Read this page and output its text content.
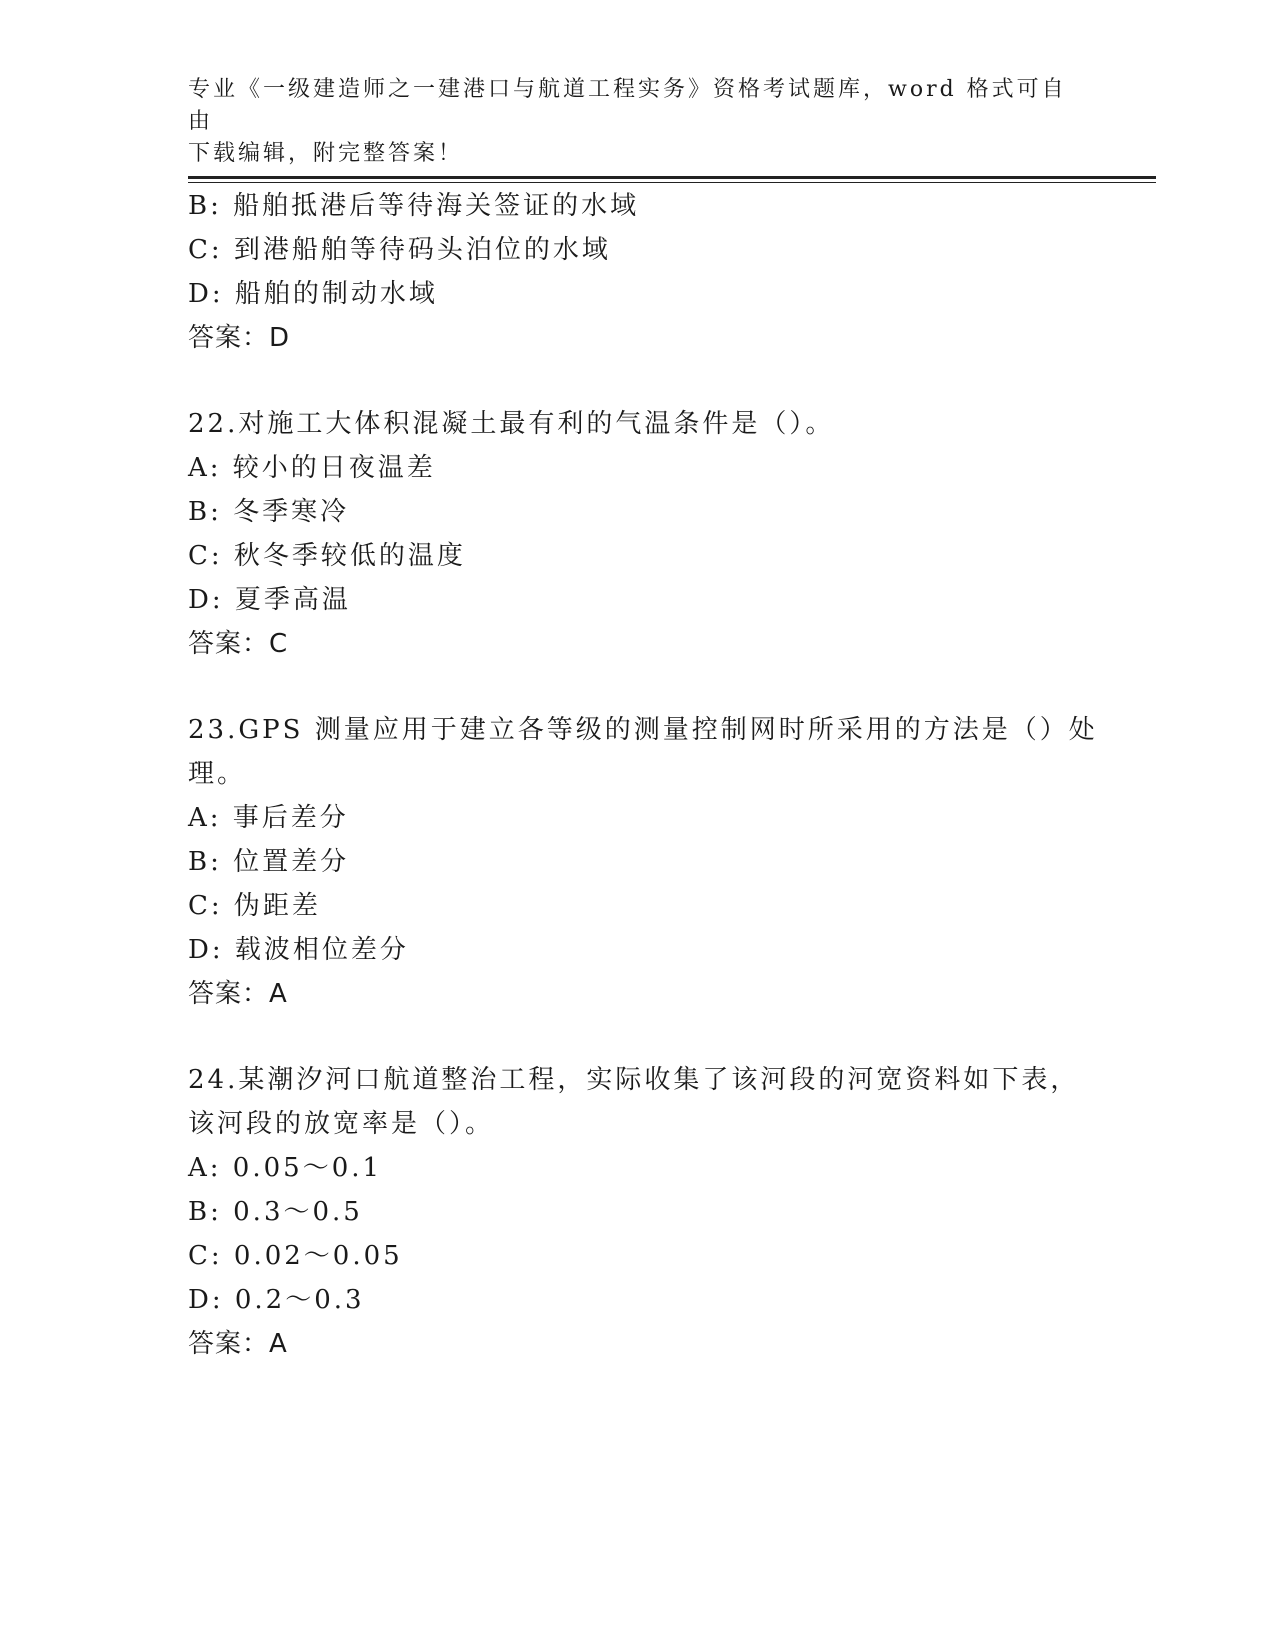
专业《一级建造师之一建港口与航道工程实务》资格考试题库，word 格式可自由
下载编辑，附完整答案！

B: 船舶抵港后等待海关签证的水域

C: 到港船舶等待码头泊位的水域

D: 船舶的制动水域

答案：D

22.对施工大体积混凝土最有利的气温条件是（）。

A: 较小的日夜温差

B: 冬季寒冷

C: 秋冬季较低的温度

D: 夏季高温

答案：C

23.GPS 测量应用于建立各等级的测量控制网时所采用的方法是（）处

理。

A: 事后差分

B: 位置差分

C: 伪距差

D: 载波相位差分

答案：A

24.某潮汐河口航道整治工程，实际收集了该河段的河宽资料如下表，

该河段的放宽率是（）。

A: 0.05～0.1

B: 0.3～0.5

C: 0.02～0.05

D: 0.2～0.3

答案：A
